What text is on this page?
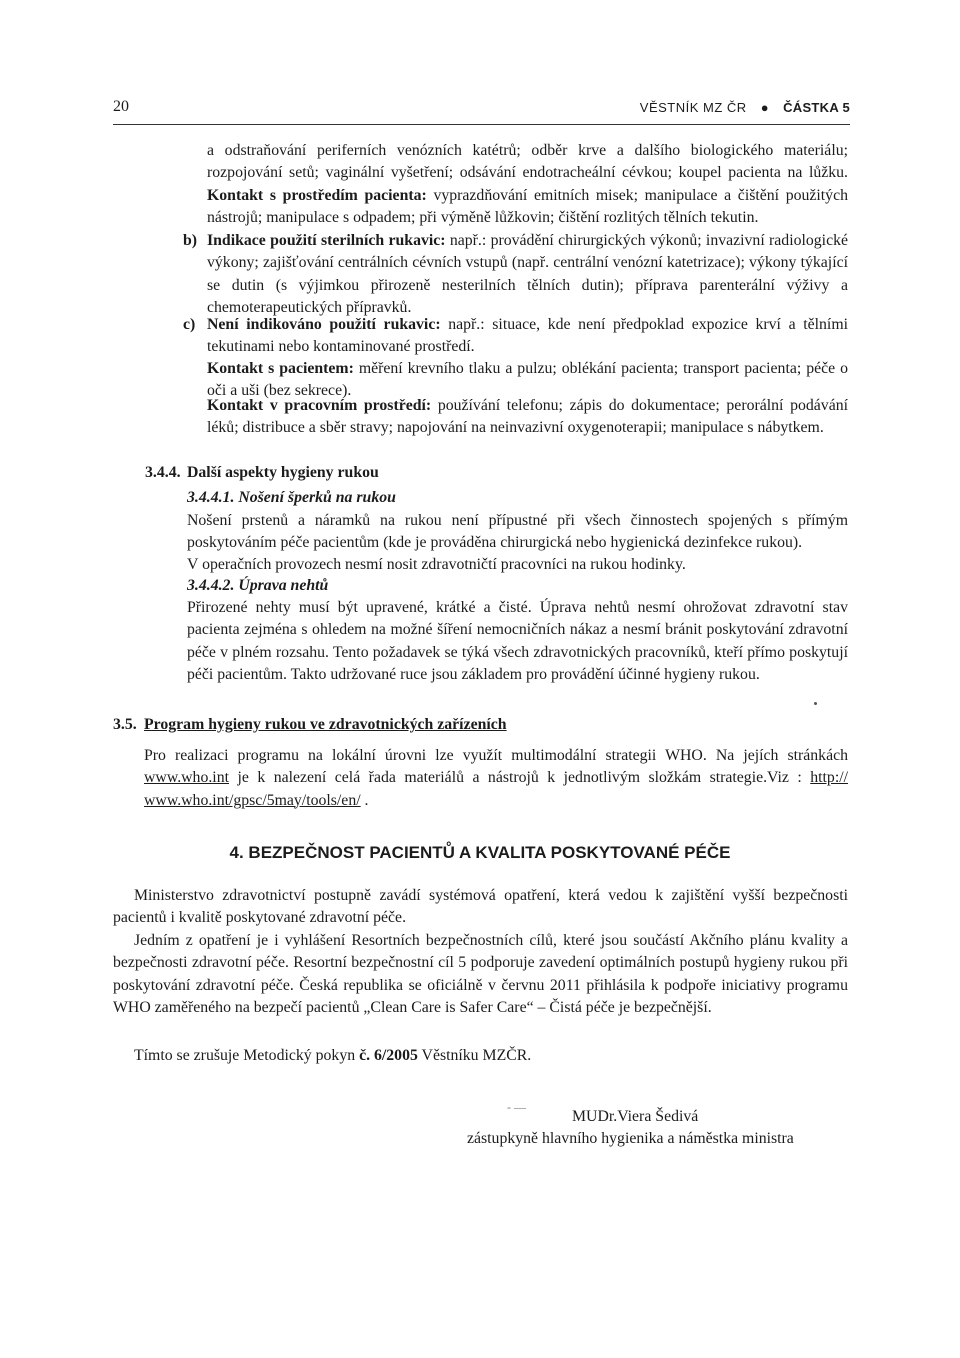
20	VĚSTNÍK MZ ČR ● ČÁSTKA 5

a odstraňování periferních venózních katétrů; odběr krve a dalšího biologického materiálu; rozpojování setů; vaginální vyšetření; odsávání endotracheální cévkou; koupel pacienta na lůžku. Kontakt s prostředím pacienta: vyprazdňování emitních misek; manipulace a čištění použitých nástrojů; manipulace s odpadem; při výměně lůžkovin; čištění rozlitých tělních tekutin.

b) Indikace použití sterilních rukavic: např.: provádění chirurgických výkonů; invazivní radiologické výkony; zajišťování centrálních cévních vstupů (např. centrální venózní katetrizace); výkony týkající se dutin (s výjimkou přirozeně nesterilních tělních dutin); příprava parenterální výživy a chemoterapeutických přípravků.

c) Není indikováno použití rukavic: např.: situace, kde není předpoklad expozice krví a tělními tekutinami nebo kontaminované prostředí.

Kontakt s pacientem: měření krevního tlaku a pulzu; oblékání pacienta; transport pacienta; péče o oči a uši (bez sekrece).

Kontakt v pracovním prostředí: používání telefonu; zápis do dokumentace; perorální podávání léků; distribuce a sběr stravy; napojování na neinvazivní oxygenoterapii; manipulace s nábytkem.

3.4.4. Další aspekty hygieny rukou
3.4.4.1. Nošení šperků na rukou

Nošení prstenů a náramků na rukou není přípustné při všech činnostech spojených s přímým poskytováním péče pacientům (kde je prováděna chirurgická nebo hygienická dezinfekce rukou).

V operačních provozech nesmí nosit zdravotničtí pracovníci na rukou hodinky.

3.4.4.2. Úprava nehtů

Přirozené nehty musí být upravené, krátké a čisté. Úprava nehtů nesmí ohrožovat zdravotní stav pacienta zejména s ohledem na možné šíření nemocničních nákaz a nesmí bránit poskytování zdravotní péče v plném rozsahu. Tento požadavek se týká všech zdravotnických pracovníků, kteří přímo poskytují péči pacientům. Takto udržované ruce jsou základem pro provádění účinné hygieny rukou.

3.5. Program hygieny rukou ve zdravotnických zařízeních

Pro realizaci programu na lokální úrovni lze využít multimodální strategii WHO. Na jejích stránkách www.who.int je k nalezení celá řada materiálů a nástrojů k jednotlivým složkám strategie.Viz : http:// www.who.int/gpsc/5may/tools/en/ .

4. BEZPEČNOST PACIENTŮ A KVALITA POSKYTOVANÉ PÉČE

Ministerstvo zdravotnictví postupně zavádí systémová opatření, která vedou k zajištění vyšší bezpečnosti pacientů i kvalitě poskytované zdravotní péče.

Jedním z opatření je i vyhlášení Resortních bezpečnostních cílů, které jsou součástí Akčního plánu kvality a bezpečnosti zdravotní péče. Resortní bezpečnostní cíl 5 podporuje zavedení optimálních postupů hygieny rukou při poskytování zdravotní péče. Česká republika se oficiálně v červnu 2011 přihlásila k podpoře iniciativy programu WHO zaměřeného na bezpečí pacientů „Clean Care is Safer Care“ – Čistá péče je bezpečnější.

Tímto se zrušuje Metodický pokyn č. 6/2005 Věstníku MZČR.

- —
MUDr.Viera Šedivá
zástupkyně hlavního hygienika a náměstka ministra
